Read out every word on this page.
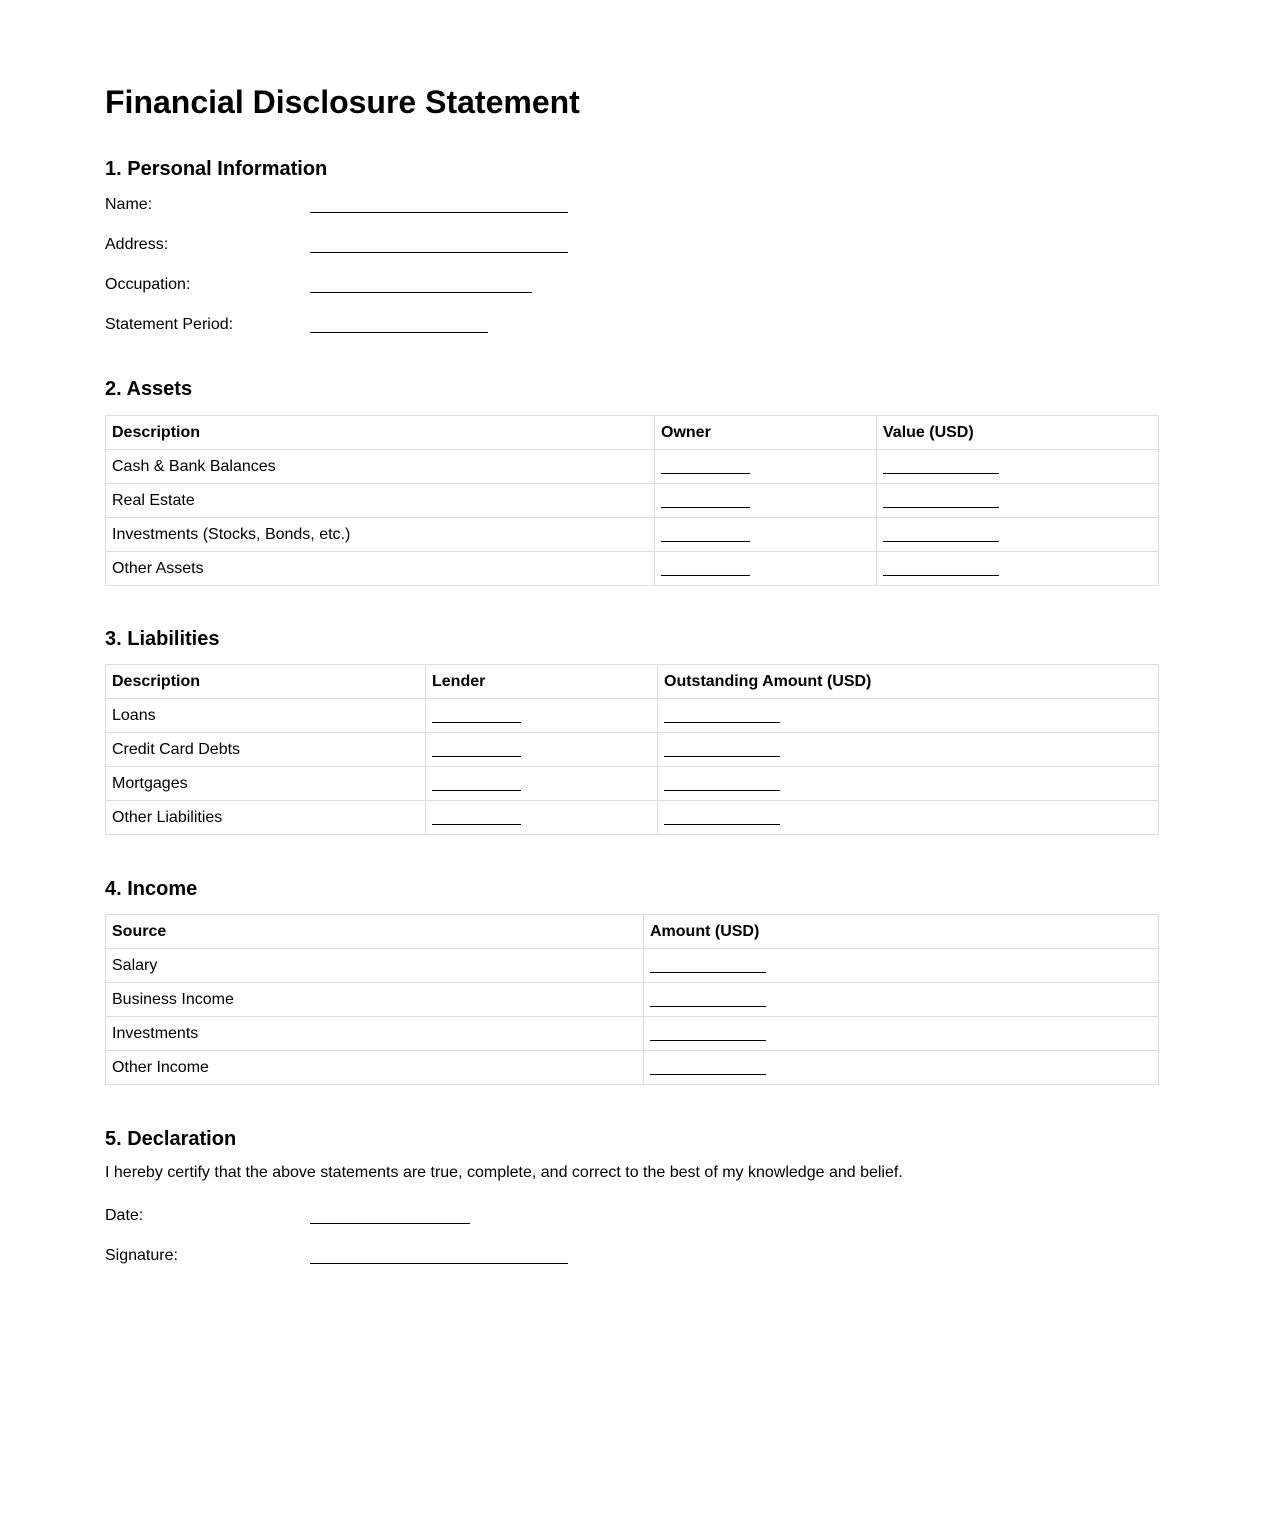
Financial Disclosure Statement
1. Personal Information
Name:
Address:
Occupation:
Statement Period:
2. Assets
Description	Owner	Value (USD)
Cash & Bank Balances		
Real Estate		
Investments (Stocks, Bonds, etc.)		
Other Assets		
3. Liabilities
Description	Lender	Outstanding Amount (USD)
Loans		
Credit Card Debts		
Mortgages		
Other Liabilities		
4. Income
Source	Amount (USD)
Salary	
Business Income	
Investments	
Other Income	
5. Declaration

I hereby certify that the above statements are true, complete, and correct to the best of my knowledge and belief.

Date:
Signature:
